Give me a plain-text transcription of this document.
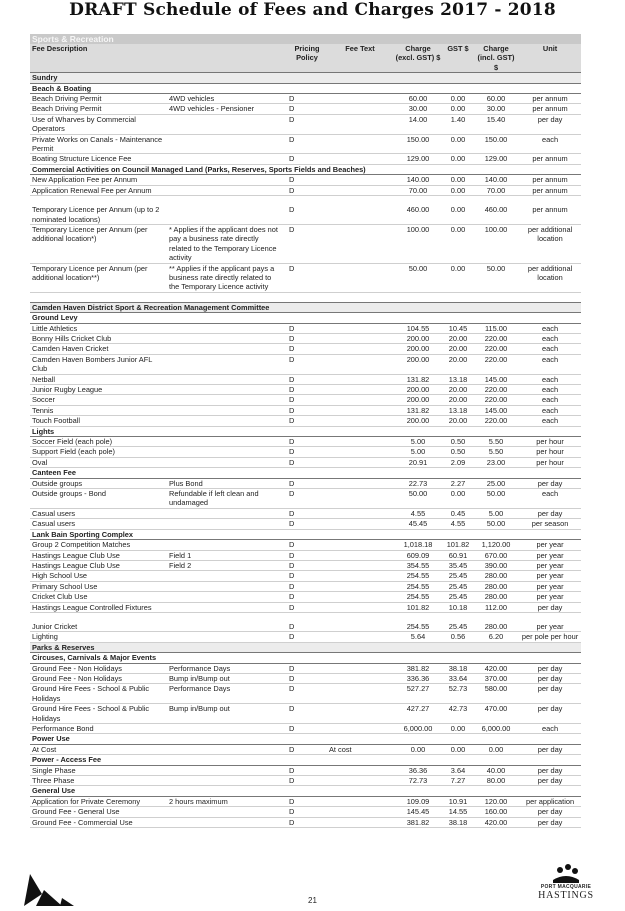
DRAFT Schedule of Fees and Charges 2017 - 2018
Sports & Recreation							
Fee Description		Pricing Policy	Fee Text	Charge (excl. GST) $	GST $	Charge (incl. GST) $	Unit
Sundry							
Beach & Boating							
Beach Driving Permit	4WD vehicles	D		60.00	0.00	60.00	per annum
Beach Driving Permit	4WD vehicles - Pensioner	D		30.00	0.00	30.00	per annum
Use of Wharves by Commercial Operators		D		14.00	1.40	15.40	per day
Private Works on Canals - Maintenance Permit		D		150.00	0.00	150.00	each
Boating Structure Licence Fee		D		129.00	0.00	129.00	per annum
Commercial Activities on Council Managed Land (Parks, Reserves, Sports Fields and Beaches)							
New Application Fee per Annum		D		140.00	0.00	140.00	per annum
Application Renewal Fee per Annum		D		70.00	0.00	70.00	per annum

Temporary Licence per Annum (up to 2 nominated locations)		D		460.00	0.00	460.00	per annum
Temporary Licence per Annum (per additional location*)	* Applies if the applicant does not pay a business rate directly related to the Temporary Licence activity	D		100.00	0.00	100.00	per additional location
Temporary Licence per Annum (per additional location**)	** Applies if the applicant pays a business rate directly related to the Temporary Licence activity	D		50.00	0.00	50.00	per additional location

Camden Haven District Sport & Recreation Management Committee							
Ground Levy							
Little Athletics		D		104.55	10.45	115.00	each
Bonny Hills Cricket Club		D		200.00	20.00	220.00	each
Camden Haven Cricket		D		200.00	20.00	220.00	each
Camden Haven Bombers Junior AFL Club		D		200.00	20.00	220.00	each
Netball		D		131.82	13.18	145.00	each
Junior Rugby League		D		200.00	20.00	220.00	each
Soccer		D		200.00	20.00	220.00	each
Tennis		D		131.82	13.18	145.00	each
Touch Football		D		200.00	20.00	220.00	each
Lights							
Soccer Field (each pole)		D		5.00	0.50	5.50	per hour
Support Field (each pole)		D		5.00	0.50	5.50	per hour
Oval		D		20.91	2.09	23.00	per hour
Canteen Fee							
Outside groups	Plus Bond	D		22.73	2.27	25.00	per day
Outside groups - Bond	Refundable if left clean and undamaged	D		50.00	0.00	50.00	each
Casual users		D		4.55	0.45	5.00	per day
Casual users		D		45.45	4.55	50.00	per season
Lank Bain Sporting Complex							
Group 2 Competition Matches		D		1,018.18	101.82	1,120.00	per year
Hastings League Club Use	Field 1	D		609.09	60.91	670.00	per year
Hastings League Club Use	Field 2	D		354.55	35.45	390.00	per year
High School Use		D		254.55	25.45	280.00	per year
Primary School Use		D		254.55	25.45	280.00	per year
Cricket Club Use		D		254.55	25.45	280.00	per year
Hastings League Controlled Fixtures		D		101.82	10.18	112.00	per day

Junior Cricket		D		254.55	25.45	280.00	per year
Lighting		D		5.64	0.56	6.20	per pole per hour
Parks & Reserves							
Circuses, Carnivals & Major Events							
Ground Fee - Non Holidays	Performance Days	D		381.82	38.18	420.00	per day
Ground Fee - Non Holidays	Bump in/Bump out	D		336.36	33.64	370.00	per day
Ground Hire Fees - School & Public Holidays	Performance Days	D		527.27	52.73	580.00	per day
Ground Hire Fees - School & Public Holidays	Bump in/Bump out	D		427.27	42.73	470.00	per day
Performance Bond		D		6,000.00	0.00	6,000.00	each
Power Use							
At Cost		D	At cost	0.00	0.00	0.00	per day
Power - Access Fee							
Single Phase		D		36.36	3.64	40.00	per day
Three Phase		D		72.73	7.27	80.00	per day
General Use							
Application for Private Ceremony	2 hours maximum	D		109.09	10.91	120.00	per application
Ground Fee - General Use		D		145.45	14.55	160.00	per day
Ground Fee - Commercial Use		D		381.82	38.18	420.00	per day
21
PORT MACQUARIE
HASTINGS
